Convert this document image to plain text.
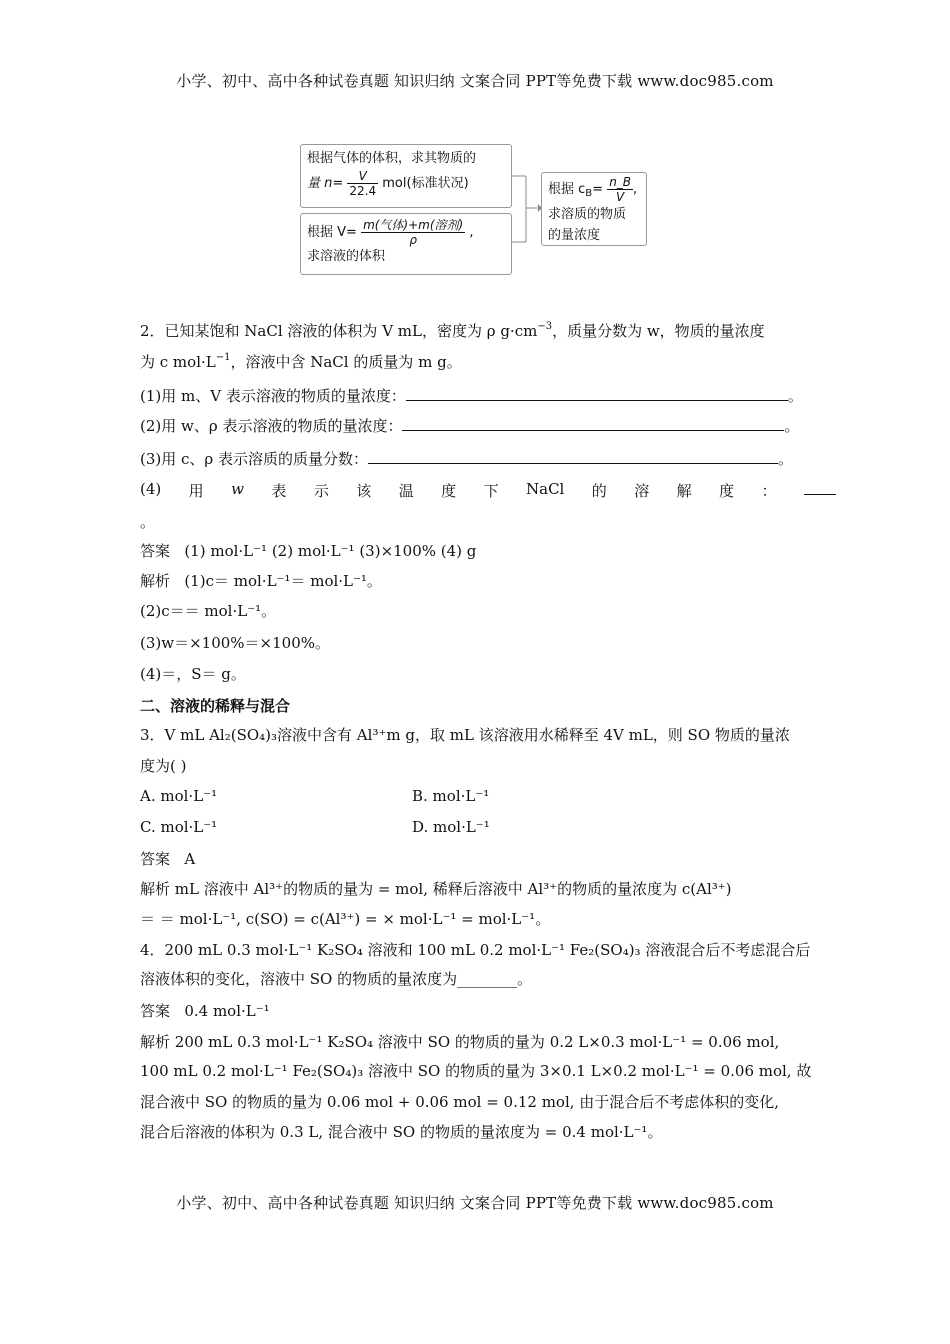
小学、初中、高中各种试卷真题 知识归纳 文案合同 PPT等免费下载 www.doc985.com
根据气体的体积，求其物质的
量 $n= \frac{V}{22.4} mol$(标准状况)
根据 $V= \frac{\text{m(气体)+m(溶剂)}}{\rho}$ ,
求溶液的体积
根据 $c_B= \frac{n\_B}{V}$ ,
求溶质的物质
的量浓度
2．已知某饱和 NaCl 溶液的体积为 V mL，密度为 ρ $g\cdot cm^{-3}$，质量分数为 w，物质的量浓度
为 c $mol\cdot L^{-1}$，溶液中含 NaCl 的质量为 m g。
(1)用 m、V 表示溶液的物质的量浓度：	。
(2)用 w、ρ 表示溶液的物质的量浓度：	。
(3)用 c、ρ 表示溶质的质量分数：	。
(4) 用 w 表 示 该 温 度 下 NaCl 的 溶 解 度 ：
。
答案 (1) mol·L⁻¹ (2) mol·L⁻¹ (3)×100% (4) g
解析 (1)c＝ mol·L⁻¹＝ mol·L⁻¹。
(2)c＝＝ mol·L⁻¹。
(3)w＝×100%＝×100%。
(4)＝，S＝ g。
二、溶液的稀释与混合
3．V mL Al₂(SO₄)₃溶液中含有 Al³⁺m g，取 mL 该溶液用水稀释至 4V mL，则 SO 物质的量浓
度为( )
A. mol·L⁻¹	B. mol·L⁻¹
C. mol·L⁻¹	D. mol·L⁻¹
答案 A
解析 mL 溶液中 Al³⁺的物质的量为 = mol, 稀释后溶液中 Al³⁺的物质的量浓度为 c(Al³⁺)
＝ ＝ mol·L⁻¹, c(SO) = c(Al³⁺) = × mol·L⁻¹ = mol·L⁻¹。
4．200 mL 0.3 mol·L⁻¹ K₂SO₄ 溶液和 100 mL 0.2 mol·L⁻¹ Fe₂(SO₄)₃ 溶液混合后不考虑混合后
溶液体积的变化，溶液中 SO 的物质的量浓度为________。
答案 0.4 mol·L⁻¹
解析 200 mL 0.3 mol·L⁻¹ K₂SO₄ 溶液中 SO 的物质的量为 0.2 L×0.3 mol·L⁻¹ = 0.06 mol,
100 mL 0.2 mol·L⁻¹ Fe₂(SO₄)₃ 溶液中 SO 的物质的量为 3×0.1 L×0.2 mol·L⁻¹ = 0.06 mol, 故
混合液中 SO 的物质的量为 0.06 mol + 0.06 mol = 0.12 mol, 由于混合后不考虑体积的变化,
混合后溶液的体积为 0.3 L, 混合液中 SO 的物质的量浓度为 = 0.4 mol·L⁻¹。
小学、初中、高中各种试卷真题 知识归纳 文案合同 PPT等免费下载 www.doc985.com
